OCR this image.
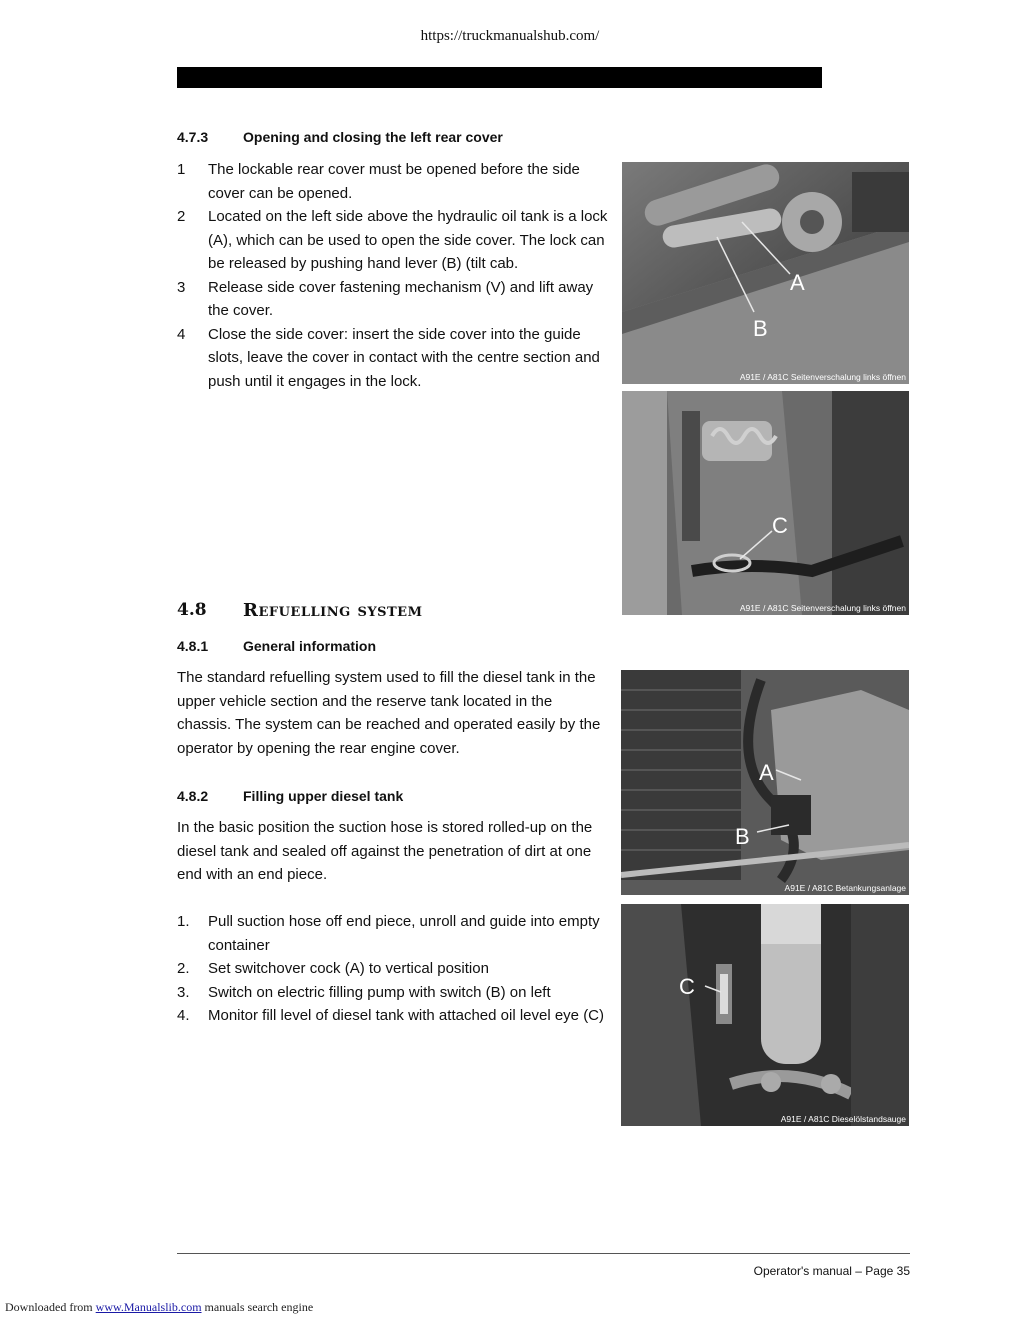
https://truckmanualshub.com/
4.7.3 Opening and closing the left rear cover
1 The lockable rear cover must be opened before the side cover can be opened.
2 Located on the left side above the hydraulic oil tank is a lock (A), which can be used to open the side cover. The lock can be released by pushing hand lever (B) (tilt cab.
3 Release side cover fastening mechanism (V) and lift away the cover.
4 Close the side cover: insert the side cover into the guide slots, leave the cover in contact with the centre section and push until it engages in the lock.
4.8 Refuelling system
4.8.1 General information
The standard refuelling system used to fill the diesel tank in the upper vehicle section and the reserve tank located in the chassis. The system can be reached and operated easily by the operator by opening the rear engine cover.
4.8.2 Filling upper diesel tank
In the basic position the suction hose is stored rolled-up on the diesel tank and sealed off against the penetration of dirt at one end with an end piece.
1. Pull suction hose off end piece, unroll and guide into empty container
2. Set switchover cock (A) to vertical position
3. Switch on electric filling pump with switch (B) on left
4. Monitor fill level of diesel tank with attached oil level eye (C)
A
B
A91E / A81C Seitenverschalung links öffnen
C
A91E / A81C Seitenverschalung links öffnen
A
B
A91E / A81C Betankungsanlage
C
A91E / A81C Dieselölstandsauge
Operator's manual – Page 35
Downloaded from www.Manualslib.com manuals search engine
